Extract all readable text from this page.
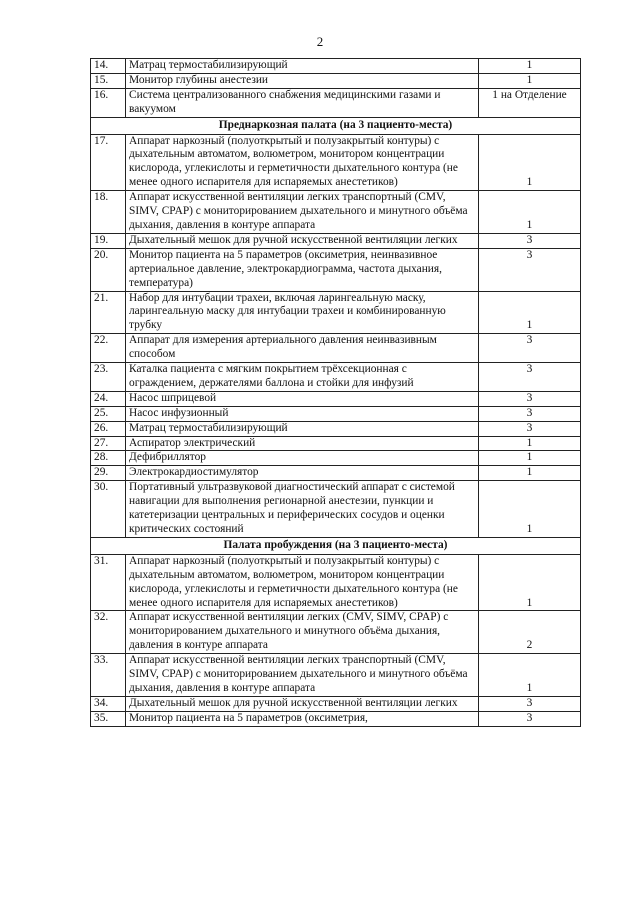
2
14.	Матрац термостабилизирующий	1
15.	Монитор глубины анестезии	1
16.	Система централизованного снабжения медицинскими газами и вакуумом	1 на Отделение
Преднаркозная палата (на 3 пациенто-места)		
17.	Аппарат наркозный (полуоткрытый и полузакрытый контуры) с дыхательным автоматом, волюметром, монитором концентрации кислорода, углекислоты и герметичности дыхательного контура (не менее одного испарителя для испаряемых анестетиков)	1
18.	Аппарат искусственной вентиляции легких транспортный (CMV, SIMV, CPAP) с мониторированием дыхательного и минутного объёма дыхания, давления в контуре аппарата	1
19.	Дыхательный мешок для ручной искусственной вентиляции легких	3
20.	Монитор пациента на 5 параметров (оксиметрия, неинвазивное артериальное давление, электрокардиограмма, частота дыхания, температура)	3
21.	Набор для интубации трахеи, включая ларингеальную маску, ларингеальную маску для интубации трахеи и комбинированную трубку	1
22.	Аппарат для измерения артериального давления неинвазивным способом	3
23.	Каталка пациента с мягким покрытием трёхсекционная с ограждением, держателями баллона и стойки для инфузий	3
24.	Насос шприцевой	3
25.	Насос инфузионный	3
26.	Матрац термостабилизирующий	3
27.	Аспиратор электрический	1
28.	Дефибриллятор	1
29.	Электрокардиостимулятор	1
30.	Портативный ультразвуковой диагностический аппарат с системой навигации для выполнения регионарной анестезии, пункции и катетеризации центральных и периферических сосудов и оценки критических состояний	1
Палата пробуждения (на 3 пациенто-места)		
31.	Аппарат наркозный (полуоткрытый и полузакрытый контуры) с дыхательным автоматом, волюметром, монитором концентрации кислорода, углекислоты и герметичности дыхательного контура (не менее одного испарителя для испаряемых анестетиков)	1
32.	Аппарат искусственной вентиляции легких (CMV, SIMV, CPAP) с мониторированием дыхательного и минутного объёма дыхания, давления в контуре аппарата	2
33.	Аппарат искусственной вентиляции легких транспортный (CMV, SIMV, CPAP) с мониторированием дыхательного и минутного объёма дыхания, давления в контуре аппарата	1
34.	Дыхательный мешок для ручной искусственной вентиляции легких	3
35.	Монитор пациента на 5 параметров (оксиметрия,	3
